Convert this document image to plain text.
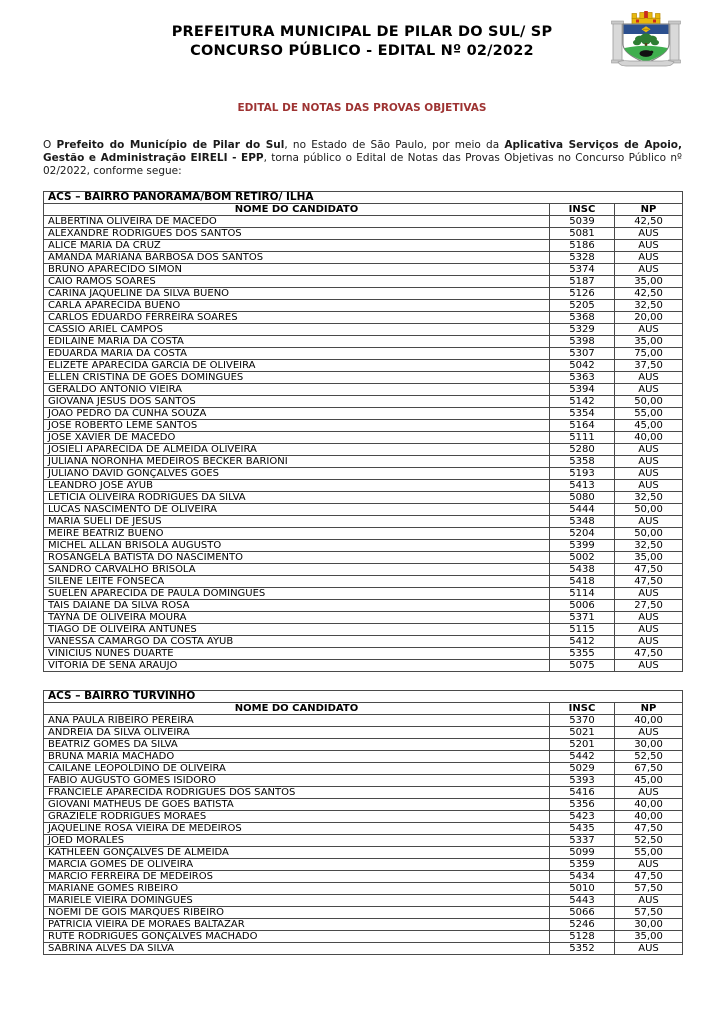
PREFEITURA MUNICIPAL DE PILAR DO SUL/ SP
CONCURSO PÚBLICO - EDITAL Nº 02/2022
EDITAL DE NOTAS DAS PROVAS OBJETIVAS

O Prefeito do Município de Pilar do Sul, no Estado de São Paulo, por meio da Aplicativa Serviços de Apoio, Gestão e Administração EIRELI - EPP, torna público o Edital de Notas das Provas Objetivas no Concurso Público nº 02/2022, conforme segue:

ACS – BAIRRO PANORAMA/BOM RETIRO/ ILHA		
NOME DO CANDIDATO	INSC	NP
ALBERTINA OLIVEIRA DE MACEDO	5039	42,50
ALEXANDRE RODRIGUES DOS SANTOS	5081	AUS
ALICE MARIA DA CRUZ	5186	AUS
AMANDA MARIANA BARBOSA DOS SANTOS	5328	AUS
BRUNO APARECIDO SIMON	5374	AUS
CAIO RAMOS SOARES	5187	35,00
CARINA JAQUELINE DA SILVA BUENO	5126	42,50
CARLA APARECIDA BUENO	5205	32,50
CARLOS EDUARDO FERREIRA SOARES	5368	20,00
CASSIO ARIEL CAMPOS	5329	AUS
EDILAINE MARIA DA COSTA	5398	35,00
EDUARDA MARIA DA COSTA	5307	75,00
ELIZETE APARECIDA GARCIA DE OLIVEIRA	5042	37,50
ELLEN CRISTINA DE GÓES DOMINGUES	5363	AUS
GERALDO ANTONIO VIEIRA	5394	AUS
GIOVANA JESUS DOS SANTOS	5142	50,00
JOAO PEDRO DA CUNHA SOUZA	5354	55,00
JOSE ROBERTO LEME SANTOS	5164	45,00
JOSE XAVIER DE MACEDO	5111	40,00
JOSIELI APARECIDA DE ALMEIDA OLIVEIRA	5280	AUS
JULIANA NORONHA MEDEIROS BECKER BARIONI	5358	AUS
JULIANO DAVID GONÇALVES GÓES	5193	AUS
LEANDRO JOSÉ AYUB	5413	AUS
LETICIA OLIVEIRA RODRIGUES DA SILVA	5080	32,50
LUCAS NASCIMENTO DE OLIVEIRA	5444	50,00
MARIA SUELI DE JESUS	5348	AUS
MEIRE BEATRIZ BUENO	5204	50,00
MICHEL ALLAN BRISOLA AUGUSTO	5399	32,50
ROSÂNGELA BATISTA DO NASCIMENTO	5002	35,00
SANDRO CARVALHO BRISOLA	5438	47,50
SILENE LEITE FONSECA	5418	47,50
SUELEN APARECIDA DE PAULA DOMINGUES	5114	AUS
TAIS DAIANE DA SILVA ROSA	5006	27,50
TAYNÁ DE OLIVEIRA MOURA	5371	AUS
TIAGO DE OLIVEIRA ANTUNES	5115	AUS
VANESSA CAMARGO DA COSTA AYUB	5412	AUS
VINICIUS NUNES DUARTE	5355	47,50
VITÓRIA DE SENA ARAÚJO	5075	AUS
ACS – BAIRRO TURVINHO		
NOME DO CANDIDATO	INSC	NP
ANA PAULA RIBEIRO PEREIRA	5370	40,00
ANDREIA DA SILVA OLIVEIRA	5021	AUS
BEATRIZ GOMES DA SILVA	5201	30,00
BRUNA MARIA MACHADO	5442	52,50
CAILANE LEOPOLDINO DE OLIVEIRA	5029	67,50
FABIO AUGUSTO GOMES ISIDORO	5393	45,00
FRANCIELE APARECIDA RODRIGUES DOS SANTOS	5416	AUS
GIOVANI MATHEUS DE GOES BATISTA	5356	40,00
GRAZIELE RODRIGUES MORAES	5423	40,00
JAQUELINE ROSA VIEIRA DE MEDEIROS	5435	47,50
JOED MORALES	5337	52,50
KATHLEEN GONÇALVES DE ALMEIDA	5099	55,00
MARCIA GOMES DE OLIVEIRA	5359	AUS
MARCIO FERREIRA DE MEDEIROS	5434	47,50
MARIANE GOMES RIBEIRO	5010	57,50
MARIELE VIEIRA DOMINGUES	5443	AUS
NOEMI DE GOIS MARQUES RIBEIRO	5066	57,50
PATRICIA VIEIRA DE MORAES BALTAZAR	5246	30,00
RUTE RODRIGUES GONÇALVES MACHADO	5128	35,00
SABRINA ALVES DA SILVA	5352	AUS
